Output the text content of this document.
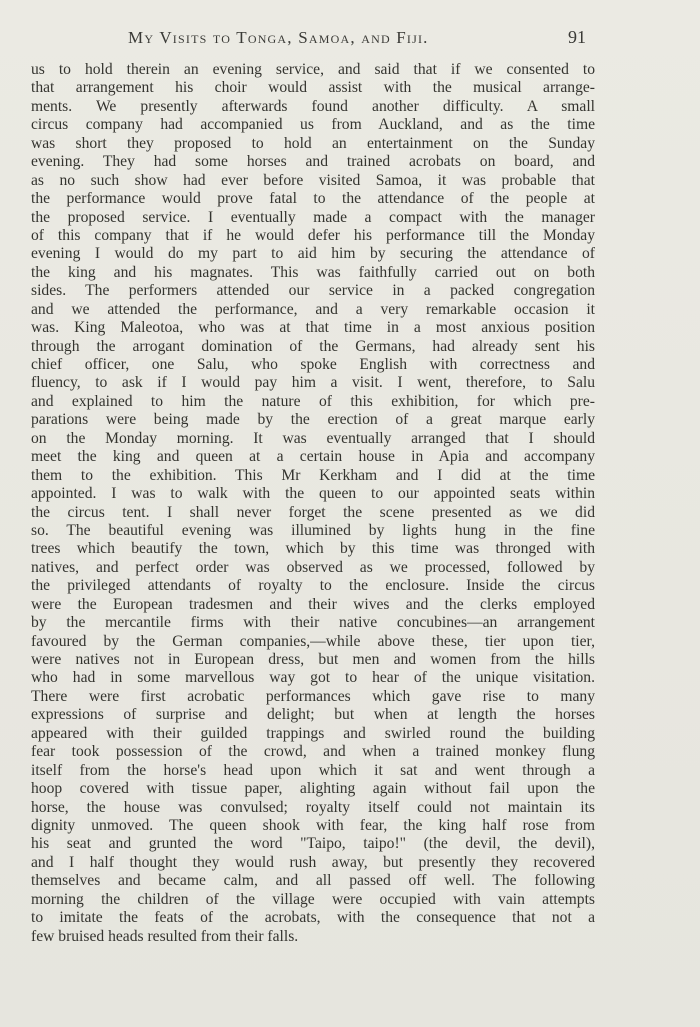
My Visits to Tonga, Samoa, and Fiji.	91
us to hold therein an evening service, and said that if we consented to
that arrangement his choir would assist with the musical arrange-
ments. We presently afterwards found another difficulty. A small
circus company had accompanied us from Auckland, and as the time
was short they proposed to hold an entertainment on the Sunday
evening. They had some horses and trained acrobats on board, and
as no such show had ever before visited Samoa, it was probable that
the performance would prove fatal to the attendance of the people at
the proposed service. I eventually made a compact with the manager
of this company that if he would defer his performance till the Monday
evening I would do my part to aid him by securing the attendance of
the king and his magnates. This was faithfully carried out on both
sides. The performers attended our service in a packed congregation
and we attended the performance, and a very remarkable occasion it
was. King Maleotoa, who was at that time in a most anxious position
through the arrogant domination of the Germans, had already sent his
chief officer, one Salu, who spoke English with correctness and
fluency, to ask if I would pay him a visit. I went, therefore, to Salu
and explained to him the nature of this exhibition, for which pre-
parations were being made by the erection of a great marque early
on the Monday morning. It was eventually arranged that I should
meet the king and queen at a certain house in Apia and accompany
them to the exhibition. This Mr Kerkham and I did at the time
appointed. I was to walk with the queen to our appointed seats within
the circus tent. I shall never forget the scene presented as we did
so. The beautiful evening was illumined by lights hung in the fine
trees which beautify the town, which by this time was thronged with
natives, and perfect order was observed as we processed, followed by
the privileged attendants of royalty to the enclosure. Inside the circus
were the European tradesmen and their wives and the clerks employed
by the mercantile firms with their native concubines—an arrangement
favoured by the German companies,—while above these, tier upon tier,
were natives not in European dress, but men and women from the hills
who had in some marvellous way got to hear of the unique visitation.
There were first acrobatic performances which gave rise to many
expressions of surprise and delight; but when at length the horses
appeared with their guilded trappings and swirled round the building
fear took possession of the crowd, and when a trained monkey flung
itself from the horse's head upon which it sat and went through a
hoop covered with tissue paper, alighting again without fail upon the
horse, the house was convulsed; royalty itself could not maintain its
dignity unmoved. The queen shook with fear, the king half rose from
his seat and grunted the word "Taipo, taipo!" (the devil, the devil),
and I half thought they would rush away, but presently they recovered
themselves and became calm, and all passed off well. The following
morning the children of the village were occupied with vain attempts
to imitate the feats of the acrobats, with the consequence that not a
few bruised heads resulted from their falls.
